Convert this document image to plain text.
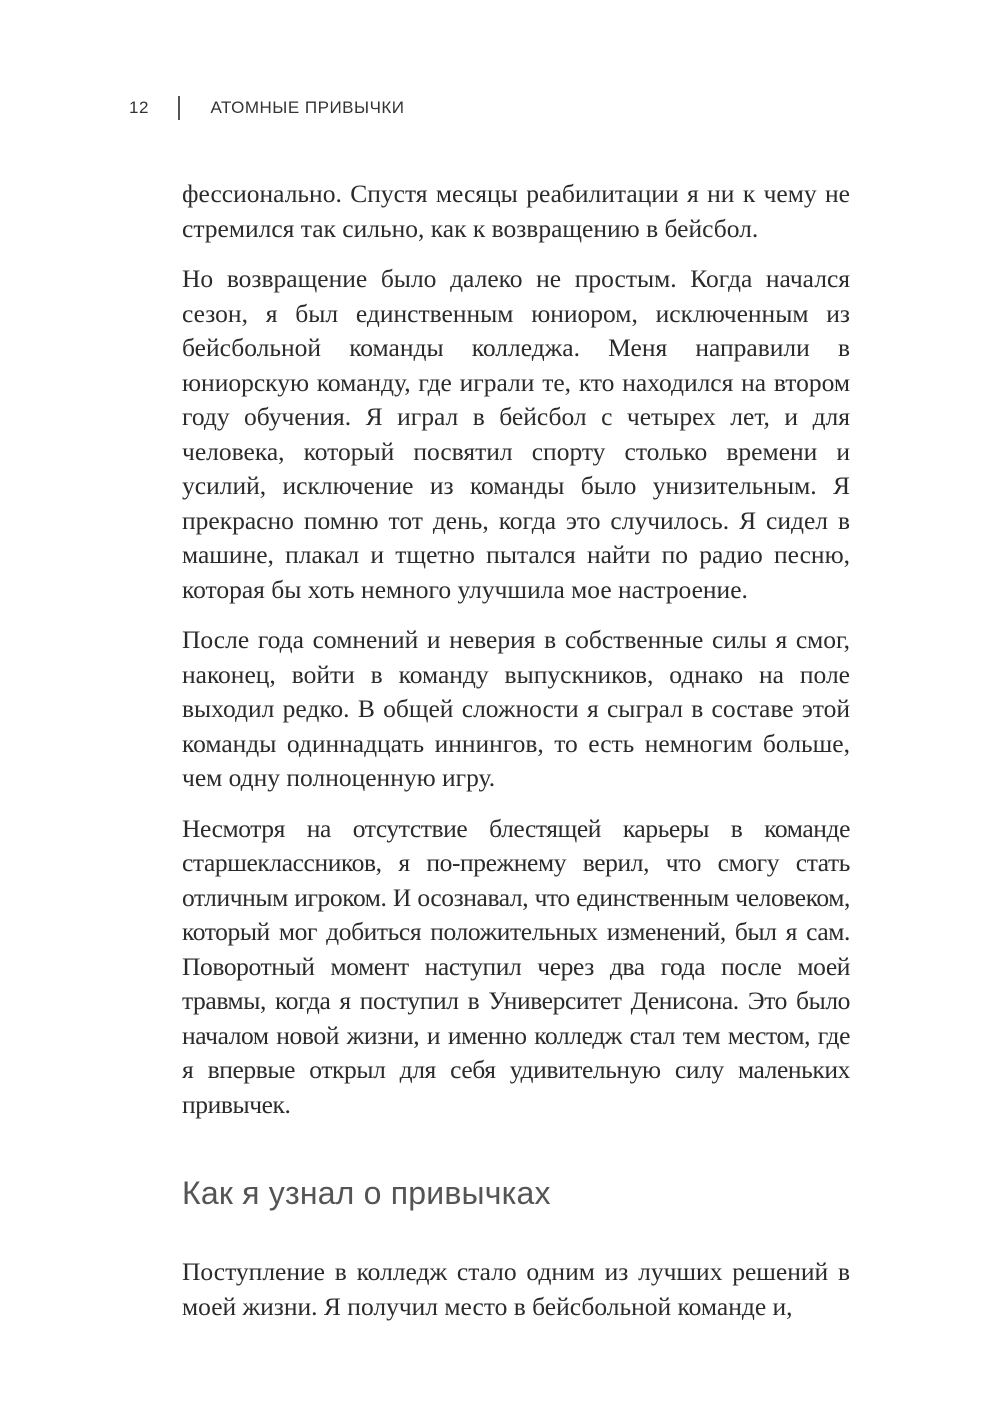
12	АТОМНЫЕ ПРИВЫЧКИ

фессионально. Спустя месяцы реабилитации я ни к чему не стремился так сильно, как к возвращению в бейсбол.

Но возвращение было далеко не простым. Когда начался сезон, я был единственным юниором, исключенным из бейсбольной команды колледжа. Меня направили в юниорскую команду, где играли те, кто находился на втором году обучения. Я играл в бейсбол с четырех лет, и для человека, который посвятил спорту столько времени и усилий, исключение из команды было унизительным. Я прекрасно помню тот день, когда это случилось. Я сидел в машине, плакал и тщетно пытался найти по радио песню, которая бы хоть немного улучшила мое настроение.

После года сомнений и неверия в собственные силы я смог, наконец, войти в команду выпускников, однако на поле выходил редко. В общей сложности я сыграл в составе этой команды одиннадцать иннингов, то есть немногим больше, чем одну полноценную игру.

Несмотря на отсутствие блестящей карьеры в команде старшеклассников, я по-прежнему верил, что смогу стать отличным игроком. И осознавал, что единственным человеком, который мог добиться положительных изменений, был я сам. Поворотный момент наступил через два года после моей травмы, когда я поступил в Университет Денисона. Это было началом новой жизни, и именно колледж стал тем местом, где я впервые открыл для себя удивительную силу маленьких привычек.

Как я узнал о привычках

Поступление в колледж стало одним из лучших решений в моей жизни. Я получил место в бейсбольной команде и,
